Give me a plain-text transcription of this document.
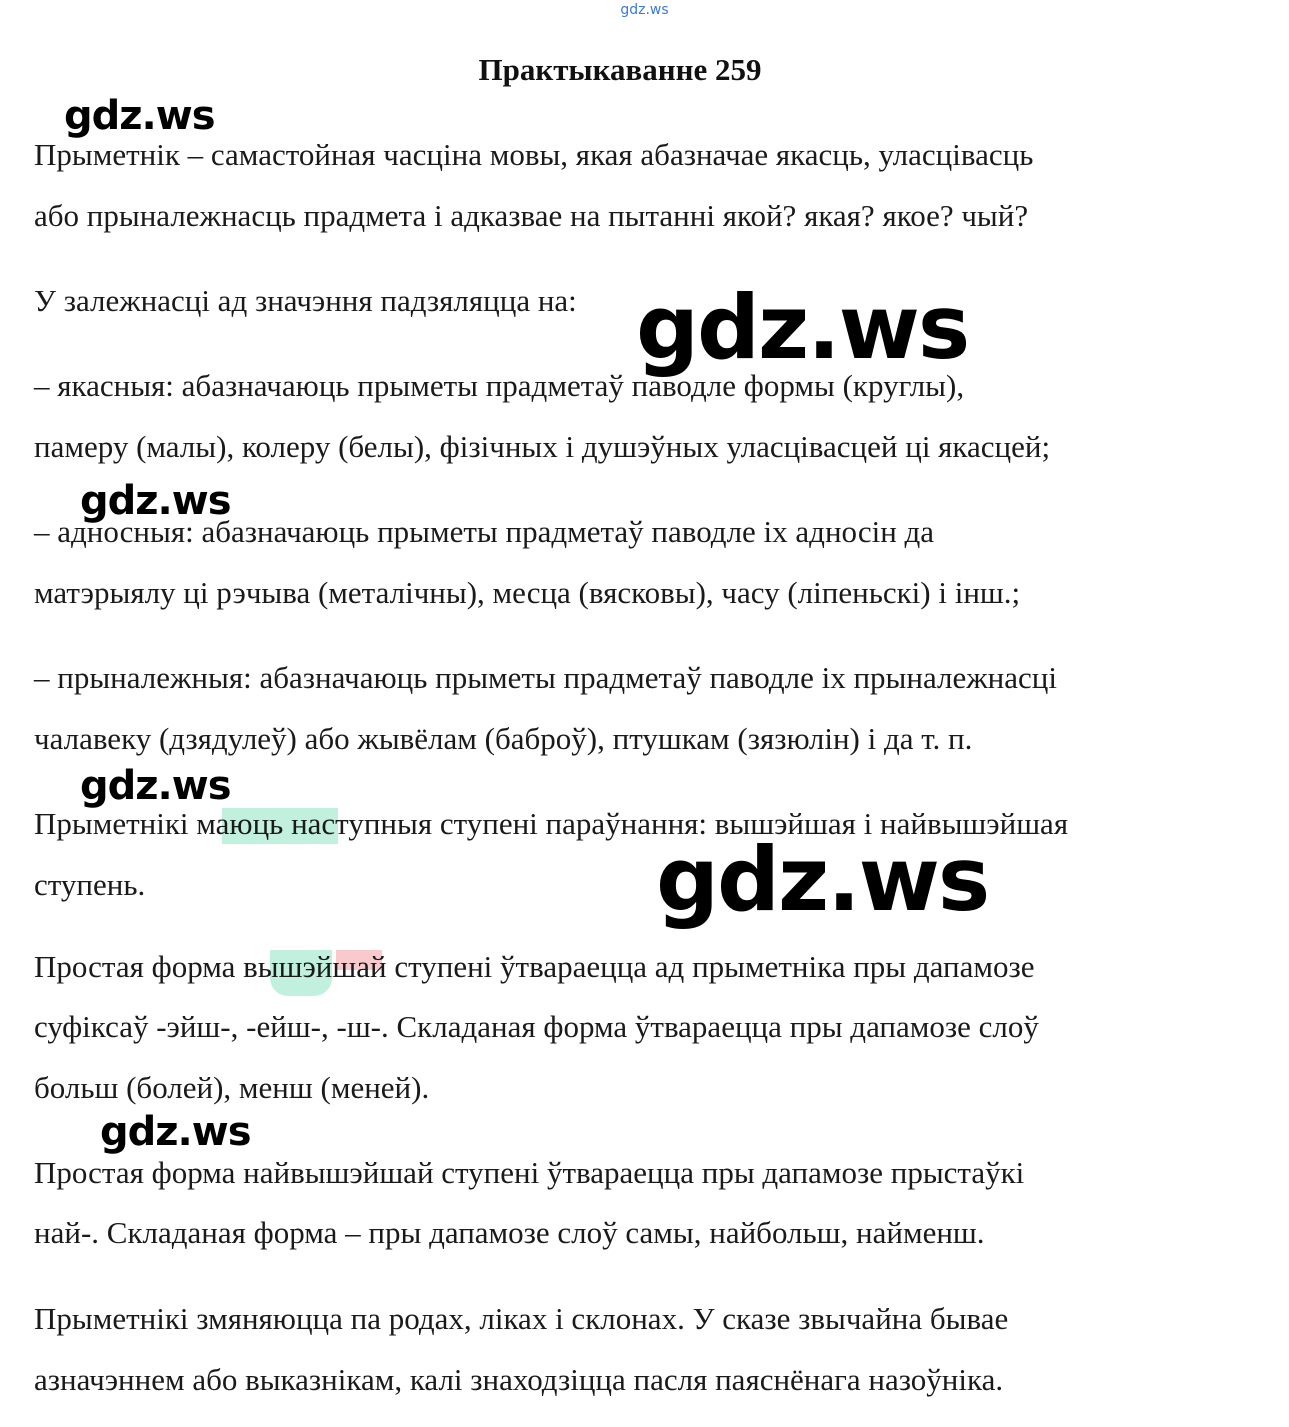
gdz.ws
Практыкаванне 259
Прыметнік – самастойная часціна мовы, якая абазначае якасць, уласцівасць
або прыналежнасць прадмета і адказвае на пытанні якой? якая? якое? чый?
У залежнасці ад значэння падзяляцца на:
– якасныя: абазначаюць прыметы прадметаў паводле формы (круглы),
памеру (малы), колеру (белы), фізічных і душэўных уласцівасцей ці якасцей;
– адносныя: абазначаюць прыметы прадметаў паводле іх адносін да
матэрыялу ці рэчыва (металічны), месца (вясковы), часу (ліпеньскі) і інш.;
– прыналежныя: абазначаюць прыметы прадметаў паводле іх прыналежнасці
чалавеку (дзядулеў) або жывёлам (баброў), птушкам (зязюлін) і да т. п.
Прыметнікі маюць наступныя ступені параўнання: вышэйшая і найвышэйшая
ступень.
Простая форма вышэйшай ступені ўтвараецца ад прыметніка пры дапамозе
суфіксаў -эйш-, -ейш-, -ш-. Складаная форма ўтвараецца пры дапамозе слоў
больш (болей), менш (меней).
Простая форма найвышэйшай ступені ўтвараецца пры дапамозе прыстаўкі
най-. Складаная форма – пры дапамозе слоў самы, найбольш, найменш.
Прыметнікі змяняюцца па родах, ліках і склонах. У сказе звычайна бывае
азначэннем або выказнікам, калі знаходзіцца пасля паяснёнага назоўніка.
gdz.ws
gdz.ws
gdz.ws
gdz.ws
gdz.ws
gdz.ws
